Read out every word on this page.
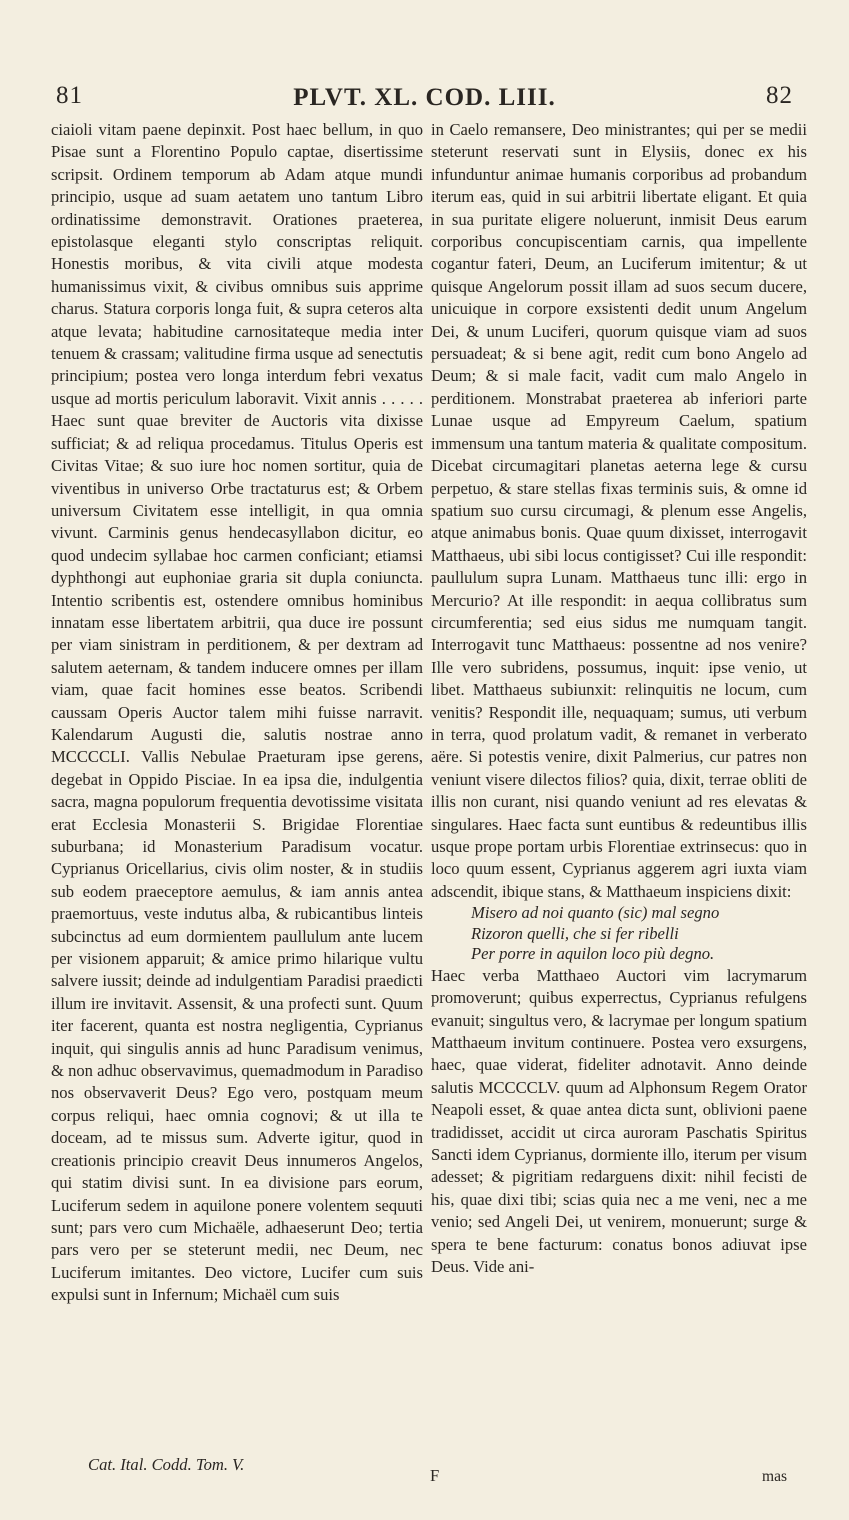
81	PLVT. XL. COD. LIII.	82

ciaioli vitam paene depinxit. Post haec bellum, in quo Pisae sunt a Florentino Populo captae, disertissime scripsit. Ordinem temporum ab Adam atque mundi principio, usque ad suam aetatem uno tantum Libro ordinatissime demonstravit. Orationes praeterea, epistolasque eleganti stylo conscriptas reliquit. Honestis moribus, & vita civili atque modesta humanissimus vixit, & civibus omnibus suis apprime charus. Statura corporis longa fuit, & supra ceteros alta atque levata; habitudine carnositateque media inter tenuem & crassam; valitudine firma usque ad senectutis principium; postea vero longa interdum febri vexatus usque ad mortis periculum laboravit. Vixit annis . . . . . Haec sunt quae breviter de Auctoris vita dixisse sufficiat; & ad reliqua procedamus. Titulus Operis est Civitas Vitae; & suo iure hoc nomen sortitur, quia de viventibus in universo Orbe tractaturus est; & Orbem universum Civitatem esse intelligit, in qua omnia vivunt. Carminis genus hendecasyllabon dicitur, eo quod undecim syllabae hoc carmen conficiant; etiamsi dyphthongi aut euphoniae graria sit dupla coniuncta. Intentio scribentis est, ostendere omnibus hominibus innatam esse libertatem arbitrii, qua duce ire possunt per viam sinistram in perditionem, & per dextram ad salutem aeternam, & tandem inducere omnes per illam viam, quae facit homines esse beatos. Scribendi caussam Operis Auctor talem mihi fuisse narravit. Kalendarum Augusti die, salutis nostrae anno MCCCCLI. Vallis Nebulae Praeturam ipse gerens, degebat in Oppido Pisciae. In ea ipsa die, indulgentia sacra, magna populorum frequentia devotissime visitata erat Ecclesia Monasterii S. Brigidae Florentiae suburbana; id Monasterium Paradisum vocatur. Cyprianus Oricellarius, civis olim noster, & in studiis sub eodem praeceptore aemulus, & iam annis antea praemortuus, veste indutus alba, & rubicantibus linteis subcinctus ad eum dormientem paullulum ante lucem per visionem apparuit; & amice primo hilarique vultu salvere iussit; deinde ad indulgentiam Paradisi praedicti illum ire invitavit. Assensit, & una profecti sunt. Quum iter facerent, quanta est nostra negligentia, Cyprianus inquit, qui singulis annis ad hunc Paradisum venimus, & non adhuc observavimus, quemadmodum in Paradiso nos observaverit Deus? Ego vero, postquam meum corpus reliqui, haec omnia cognovi; & ut illa te doceam, ad te missus sum. Adverte igitur, quod in creationis principio creavit Deus innumeros Angelos, qui statim divisi sunt. In ea divisione pars eorum, Luciferum sedem in aquilone ponere volentem sequuti sunt; pars vero cum Michaële, adhaeserunt Deo; tertia pars vero per se steterunt medii, nec Deum, nec Luciferum imitantes. Deo victore, Lucifer cum suis expulsi sunt in Infernum; Michaël cum suis

in Caelo remansere, Deo ministrantes; qui per se medii steterunt reservati sunt in Elysiis, donec ex his infunduntur animae humanis corporibus ad probandum iterum eas, quid in sui arbitrii libertate eligant. Et quia in sua puritate eligere noluerunt, inmisit Deus earum corporibus concupiscentiam carnis, qua impellente cogantur fateri, Deum, an Luciferum imitentur; & ut quisque Angelorum possit illam ad suos secum ducere, unicuique in corpore exsistenti dedit unum Angelum Dei, & unum Luciferi, quorum quisque viam ad suos persuadeat; & si bene agit, redit cum bono Angelo ad Deum; & si male facit, vadit cum malo Angelo in perditionem. Monstrabat praeterea ab inferiori parte Lunae usque ad Empyreum Caelum, spatium immensum una tantum materia & qualitate compositum. Dicebat circumagitari planetas aeterna lege & cursu perpetuo, & stare stellas fixas terminis suis, & omne id spatium suo cursu circumagi, & plenum esse Angelis, atque animabus bonis. Quae quum dixisset, interrogavit Matthaeus, ubi sibi locus contigisset? Cui ille respondit: paullulum supra Lunam. Matthaeus tunc illi: ergo in Mercurio? At ille respondit: in aequa collibratus sum circumferentia; sed eius sidus me numquam tangit. Interrogavit tunc Matthaeus: possentne ad nos venire? Ille vero subridens, possumus, inquit: ipse venio, ut libet. Matthaeus subiunxit: relinquitis ne locum, cum venitis? Respondit ille, nequaquam; sumus, uti verbum in terra, quod prolatum vadit, & remanet in verberato aëre. Si potestis venire, dixit Palmerius, cur patres non veniunt visere dilectos filios? quia, dixit, terrae obliti de illis non curant, nisi quando veniunt ad res elevatas & singulares. Haec facta sunt euntibus & redeuntibus illis usque prope portam urbis Florentiae extrinsecus: quo in loco quum essent, Cyprianus aggerem agri iuxta viam adscendit, ibique stans, & Matthaeum inspiciens dixit:

Misero ad noi quanto (sic) mal segno
Rizoron quelli, che si fer ribelli
Per porre in aquilon loco più degno.

Haec verba Matthaeo Auctori vim lacrymarum promoverunt; quibus experrectus, Cyprianus refulgens evanuit; singultus vero, & lacrymae per longum spatium Matthaeum invitum continuere. Postea vero exsurgens, haec, quae viderat, fideliter adnotavit. Anno deinde salutis MCCCCLV. quum ad Alphonsum Regem Orator Neapoli esset, & quae antea dicta sunt, oblivioni paene tradidisset, accidit ut circa auroram Paschatis Spiritus Sancti idem Cyprianus, dormiente illo, iterum per visum adesset; & pigritiam redarguens dixit: nihil fecisti de his, quae dixi tibi; scias quia nec a me veni, nec a me venio; sed Angeli Dei, ut venirem, monuerunt; surge & spera te bene facturum: conatus bonos adiuvat ipse Deus. Vide ani-

Cat. Ital. Codd. Tom. V.
F	mas
